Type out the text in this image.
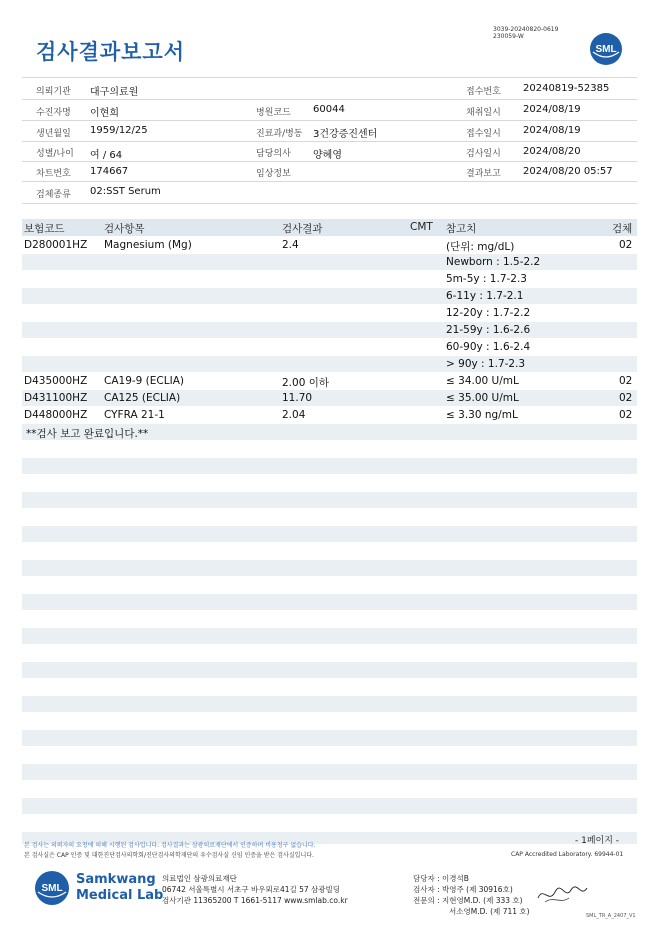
검사결과보고서
3039-20240820-0619
230059-W
SML
의뢰기관 대구의료원	접수번호 20240819-52385
수진자명 이현희	병원코드 60044	채취일시 2024/08/19
생년월일 1959/12/25	진료과/병동 3건강증진센터	접수일시 2024/08/19
성별/나이 여 / 64	담당의사 양혜영	검사일시 2024/08/20
차트번호 174667	임상정보	결과보고 2024/08/20 05:57
검체종류 02:SST Serum
보험코드	검사항목	검사결과	CMT 참고치	검체
D280001HZ Magnesium (Mg)	2.4	(단위: mg/dL)	02
Newborn : 1.5-2.2
5m-5y : 1.7-2.3
6-11y : 1.7-2.1
12-20y : 1.7-2.2
21-59y : 1.6-2.6
60-90y : 1.6-2.4
> 90y : 1.7-2.3
D435000HZ CA19-9 (ECLIA)	2.00 이하	≤ 34.00 U/mL	02
D431100HZ CA125 (ECLIA)	11.70	≤ 35.00 U/mL	02
D448000HZ CYFRA 21-1	2.04	≤ 3.30 ng/mL	02
**검사 보고 완료입니다.**
본 검사는 의뢰자의 요청에 의해 시행된 검사입니다. 검사결과는 삼광의료재단에서 인증하며 비용청구 없습니다.
본 검사실은 CAP 인증 및 대한진단검사의학회/진단검사의학재단의 우수검사실 신임 인증을 받은 검사실입니다.
- 1페이지 -
CAP Accredited Laboratory. 69944-01
SML
Samkwang
Medical Lab
의료법인 삼광의료재단
06742 서울특별시 서초구 바우뫼로41길 57 삼광빌딩
검사기관 11365200 T 1661-5117 www.smlab.co.kr
담당자 : 이경석B
검사자 : 박영주 (제 30916호)
전문의 : 지현영M.D. (제 333 호)
서소영M.D. (제 711 호)	SML_TR_A_2407_V1
